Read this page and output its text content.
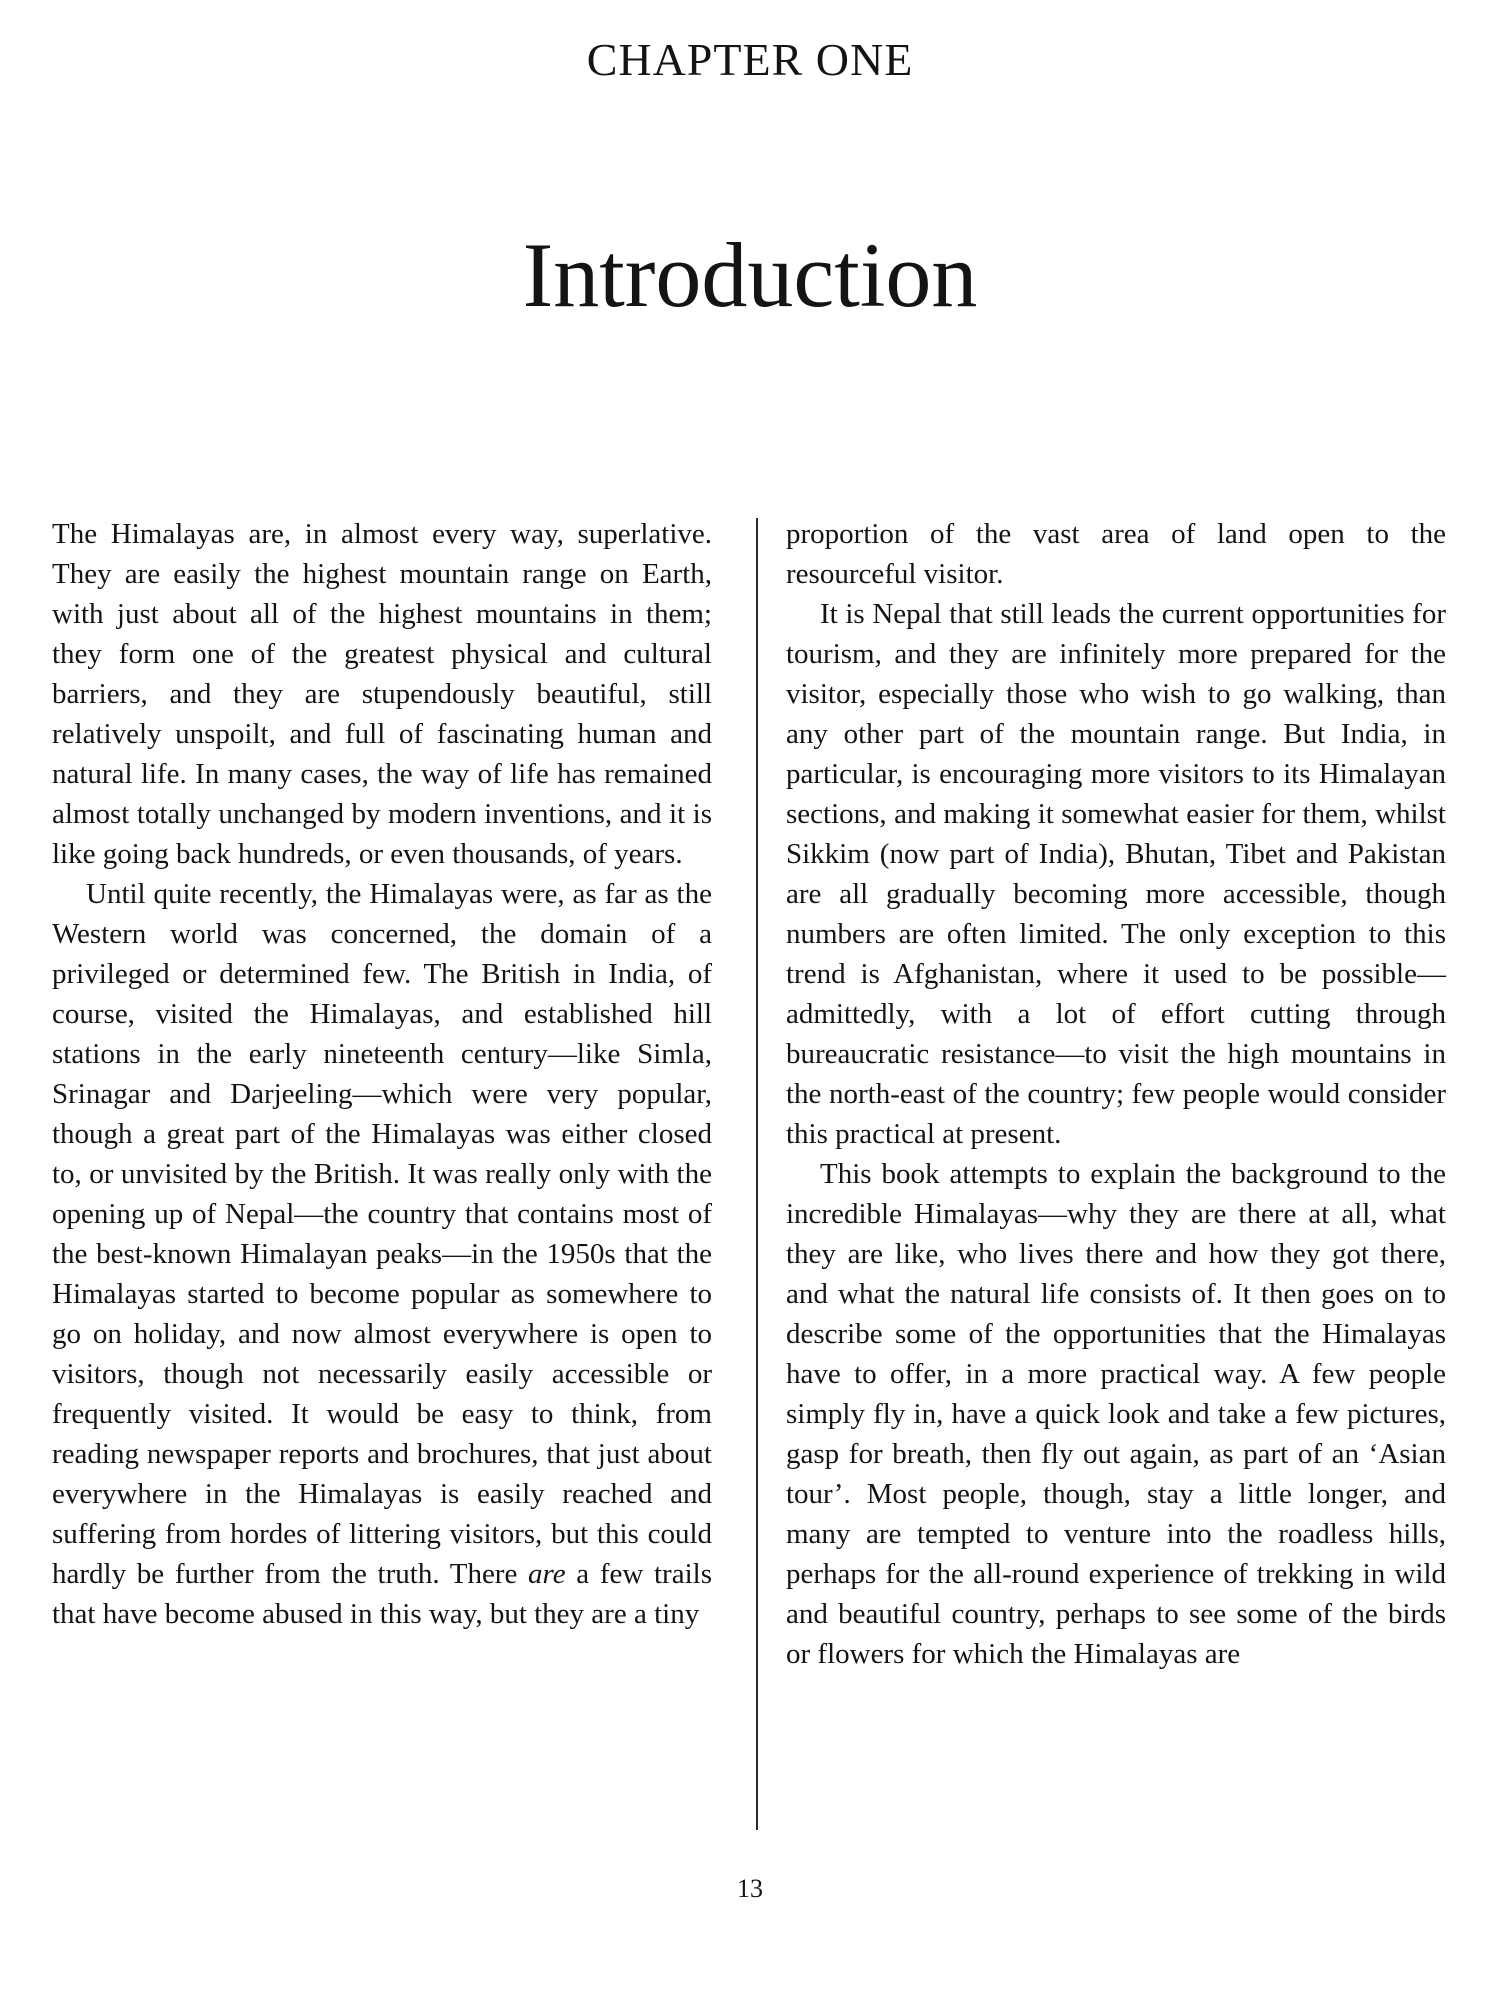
CHAPTER ONE
Introduction

The Himalayas are, in almost every way, superlative. They are easily the highest mountain range on Earth, with just about all of the highest mountains in them; they form one of the greatest physical and cultural barriers, and they are stupendously beautiful, still relatively unspoilt, and full of fascinating human and natural life. In many cases, the way of life has remained almost totally unchanged by modern inventions, and it is like going back hundreds, or even thousands, of years.

Until quite recently, the Himalayas were, as far as the Western world was concerned, the domain of a privileged or determined few. The British in India, of course, visited the Himalayas, and established hill stations in the early nineteenth century—like Simla, Srinagar and Darjeeling—which were very popular, though a great part of the Himalayas was either closed to, or unvisited by the British. It was really only with the opening up of Nepal—the country that contains most of the best-known Himalayan peaks—in the 1950s that the Himalayas started to become popular as somewhere to go on holiday, and now almost everywhere is open to visitors, though not necessarily easily accessible or frequently visited. It would be easy to think, from reading newspaper reports and brochures, that just about everywhere in the Himalayas is easily reached and suffering from hordes of littering visitors, but this could hardly be further from the truth. There are a few trails that have become abused in this way, but they are a tiny

proportion of the vast area of land open to the resourceful visitor.

It is Nepal that still leads the current opportunities for tourism, and they are infinitely more prepared for the visitor, especially those who wish to go walking, than any other part of the mountain range. But India, in particular, is encouraging more visitors to its Himalayan sections, and making it somewhat easier for them, whilst Sikkim (now part of India), Bhutan, Tibet and Pakistan are all gradually becoming more accessible, though numbers are often limited. The only exception to this trend is Afghanistan, where it used to be possible—admittedly, with a lot of effort cutting through bureaucratic resistance—to visit the high mountains in the north-east of the country; few people would consider this practical at present.

This book attempts to explain the background to the incredible Himalayas—why they are there at all, what they are like, who lives there and how they got there, and what the natural life consists of. It then goes on to describe some of the opportunities that the Himalayas have to offer, in a more practical way. A few people simply fly in, have a quick look and take a few pictures, gasp for breath, then fly out again, as part of an ‘Asian tour’. Most people, though, stay a little longer, and many are tempted to venture into the roadless hills, perhaps for the all-round experience of trekking in wild and beautiful country, perhaps to see some of the birds or flowers for which the Himalayas are

13
